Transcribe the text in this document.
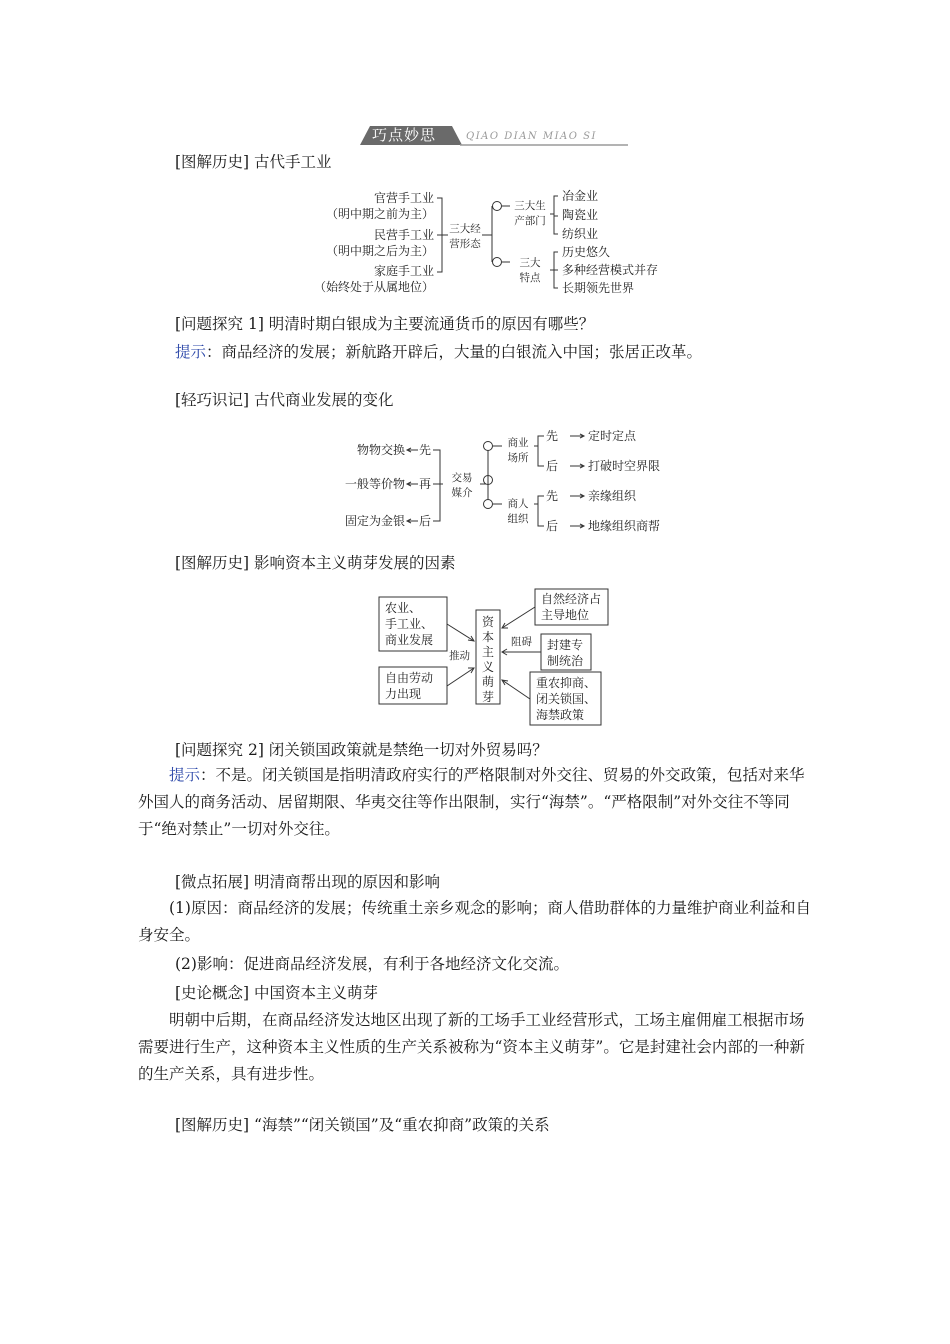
巧点妙思	QIAO DIAN MIAO SI
[图解历史] 古代手工业
官营手工业
（明中期之前为主）
民营手工业
（明中期之后为主）
家庭手工业
（始终处于从属地位）
三大经
营形态
三大生
产部门
三大
特点
冶金业
陶瓷业
纺织业
历史悠久
多种经营模式并存
长期领先世界
[问题探究 1] 明清时期白银成为主要流通货币的原因有哪些？
提示：商品经济的发展；新航路开辟后，大量的白银流入中国；张居正改革。
[轻巧识记] 古代商业发展的变化
物物交换
一般等价物
固定为金银
先
再
后
交易
媒介
商业
场所
商人
组织
先 定时定点
后 打破时空界限
先 亲缘组织
后 地缘组织商帮
[图解历史] 影响资本主义萌芽发展的因素
农业、
手工业、
商业发展
自由劳动
力出现
自然经济占
主导地位
封建专
制统治
重农抑商、
闭关锁国、
海禁政策
资
本
主
义
萌
芽
推动
阻碍
[问题探究 2] 闭关锁国政策就是禁绝一切对外贸易吗？
提示：不是。闭关锁国是指明清政府实行的严格限制对外交往、贸易的外交政策，包括对来华外国人的商务活动、居留期限、华夷交往等作出限制，实行“海禁”。“严格限制”对外交往不等同于“绝对禁止”一切对外交往。
[微点拓展] 明清商帮出现的原因和影响
(1)原因：商品经济的发展；传统重土亲乡观念的影响；商人借助群体的力量维护商业利益和自身安全。
(2)影响：促进商品经济发展，有利于各地经济文化交流。
[史论概念] 中国资本主义萌芽
明朝中后期，在商品经济发达地区出现了新的工场手工业经营形式，工场主雇佣雇工根据市场需要进行生产，这种资本主义性质的生产关系被称为“资本主义萌芽”。它是封建社会内部的一种新的生产关系，具有进步性。
[图解历史] “海禁”“闭关锁国”及“重农抑商”政策的关系
